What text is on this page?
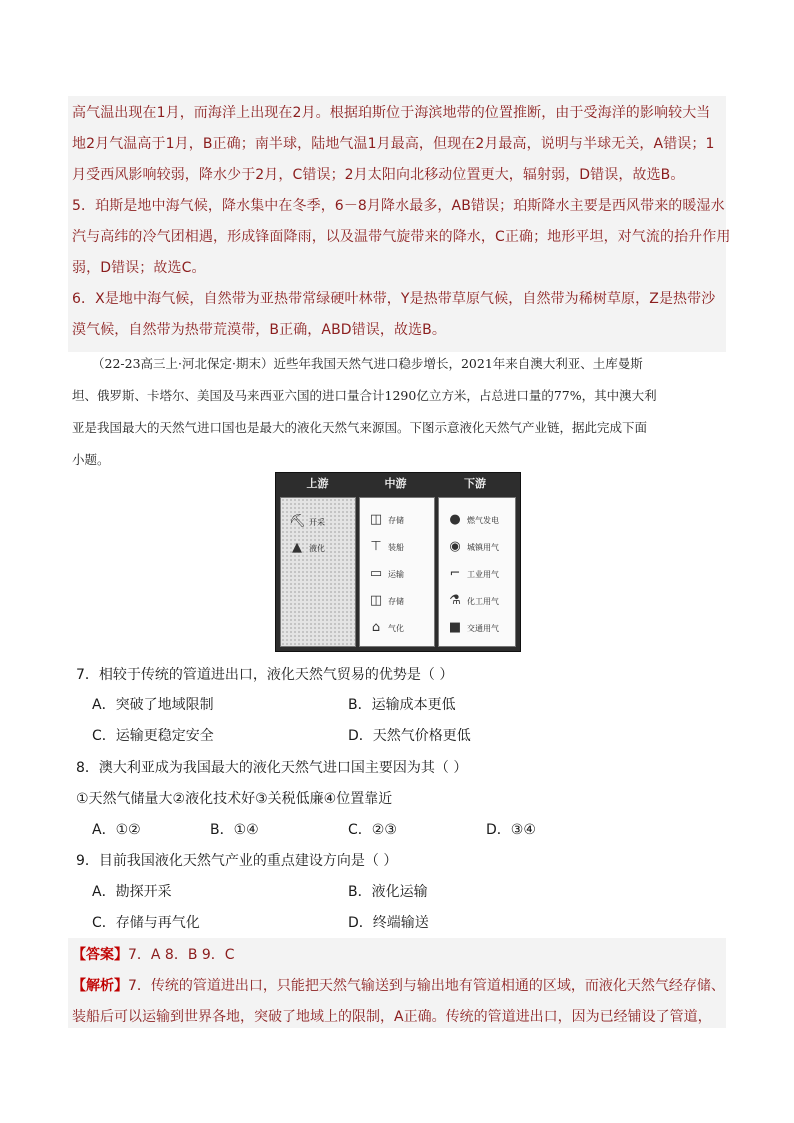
高气温出现在1月，而海洋上出现在2月。根据珀斯位于海滨地带的位置推断，由于受海洋的影响较大当
地2月气温高于1月，B正确；南半球，陆地气温1月最高，但现在2月最高，说明与半球无关，A错误；1
月受西风影响较弱，降水少于2月，C错误；2月太阳向北移动位置更大，辐射弱，D错误，故选B。
5．珀斯是地中海气候，降水集中在冬季，6－8月降水最多，AB错误；珀斯降水主要是西风带来的暖湿水
汽与高纬的冷气团相遇，形成锋面降雨，以及温带气旋带来的降水，C正确；地形平坦，对气流的抬升作用
弱，D错误；故选C。
6．X是地中海气候，自然带为亚热带常绿硬叶林带，Y是热带草原气候，自然带为稀树草原，Z是热带沙
漠气候，自然带为热带荒漠带，B正确，ABD错误，故选B。
（22-23高三上·河北保定·期末）近些年我国天然气进口稳步增长，2021年来自澳大利亚、土库曼斯
坦、俄罗斯、卡塔尔、美国及马来西亚六国的进口量合计1290亿立方米，占总进口量的77%，其中澳大利
亚是我国最大的天然气进口国也是最大的液化天然气来源国。下图示意液化天然气产业链，据此完成下面
小题。
上游	中游	下游
⛏ 开采
▲ 液化
◫ 存储
⊤ 装船
▭ 运输
◫ 存储
⌂ 气化
● 燃气发电
◉ 城镇用气
⌐ 工业用气
⚗ 化工用气
■ 交通用气
7．相较于传统的管道进出口，液化天然气贸易的优势是（ ）
A．突破了地域限制	B．运输成本更低
C．运输更稳定安全	D．天然气价格更低
8．澳大利亚成为我国最大的液化天然气进口国主要因为其（ ）
①天然气储量大②液化技术好③关税低廉④位置靠近
A．①②	B．①④	C．②③	D．③④
9．目前我国液化天然气产业的重点建设方向是（ ）
A．勘探开采	B．液化运输
C．存储与再气化	D．终端输送
【答案】7．A 8．B 9．C
【解析】7．传统的管道进出口，只能把天然气输送到与输出地有管道相通的区域，而液化天然气经存储、
装船后可以运输到世界各地，突破了地域上的限制，A正确。传统的管道进出口，因为已经铺设了管道，
